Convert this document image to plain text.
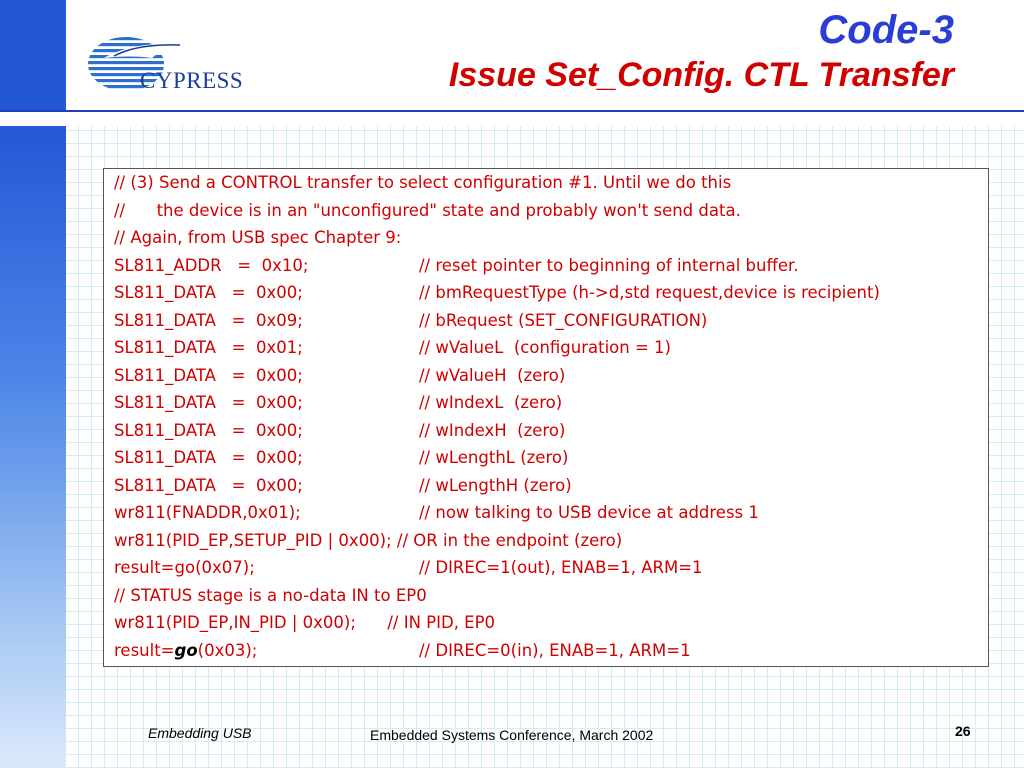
CYPRESS
Code-3
Issue Set_Config. CTL Transfer
// (3) Send a CONTROL transfer to select configuration #1. Until we do this
//      the device is in an "unconfigured" state and probably won't send data.
// Again, from USB spec Chapter 9:
SL811_ADDR   =  0x10;	// reset pointer to beginning of internal buffer.
SL811_DATA   =  0x00;	// bmRequestType (h->d,std request,device is recipient)
SL811_DATA   =  0x09;	// bRequest (SET_CONFIGURATION)
SL811_DATA   =  0x01;	// wValueL  (configuration = 1)
SL811_DATA   =  0x00;	// wValueH  (zero)
SL811_DATA   =  0x00;	// wIndexL  (zero)
SL811_DATA   =  0x00;	// wIndexH  (zero)
SL811_DATA   =  0x00;	// wLengthL (zero)
SL811_DATA   =  0x00;	// wLengthH (zero)
wr811(FNADDR,0x01);	// now talking to USB device at address 1
wr811(PID_EP,SETUP_PID | 0x00); // OR in the endpoint (zero)
result=go(0x07);	// DIREC=1(out), ENAB=1, ARM=1
// STATUS stage is a no-data IN to EP0
wr811(PID_EP,IN_PID | 0x00);      // IN PID, EP0
result=go(0x03);	// DIREC=0(in), ENAB=1, ARM=1
Embedding USB	Embedded Systems Conference, March 2002	26
